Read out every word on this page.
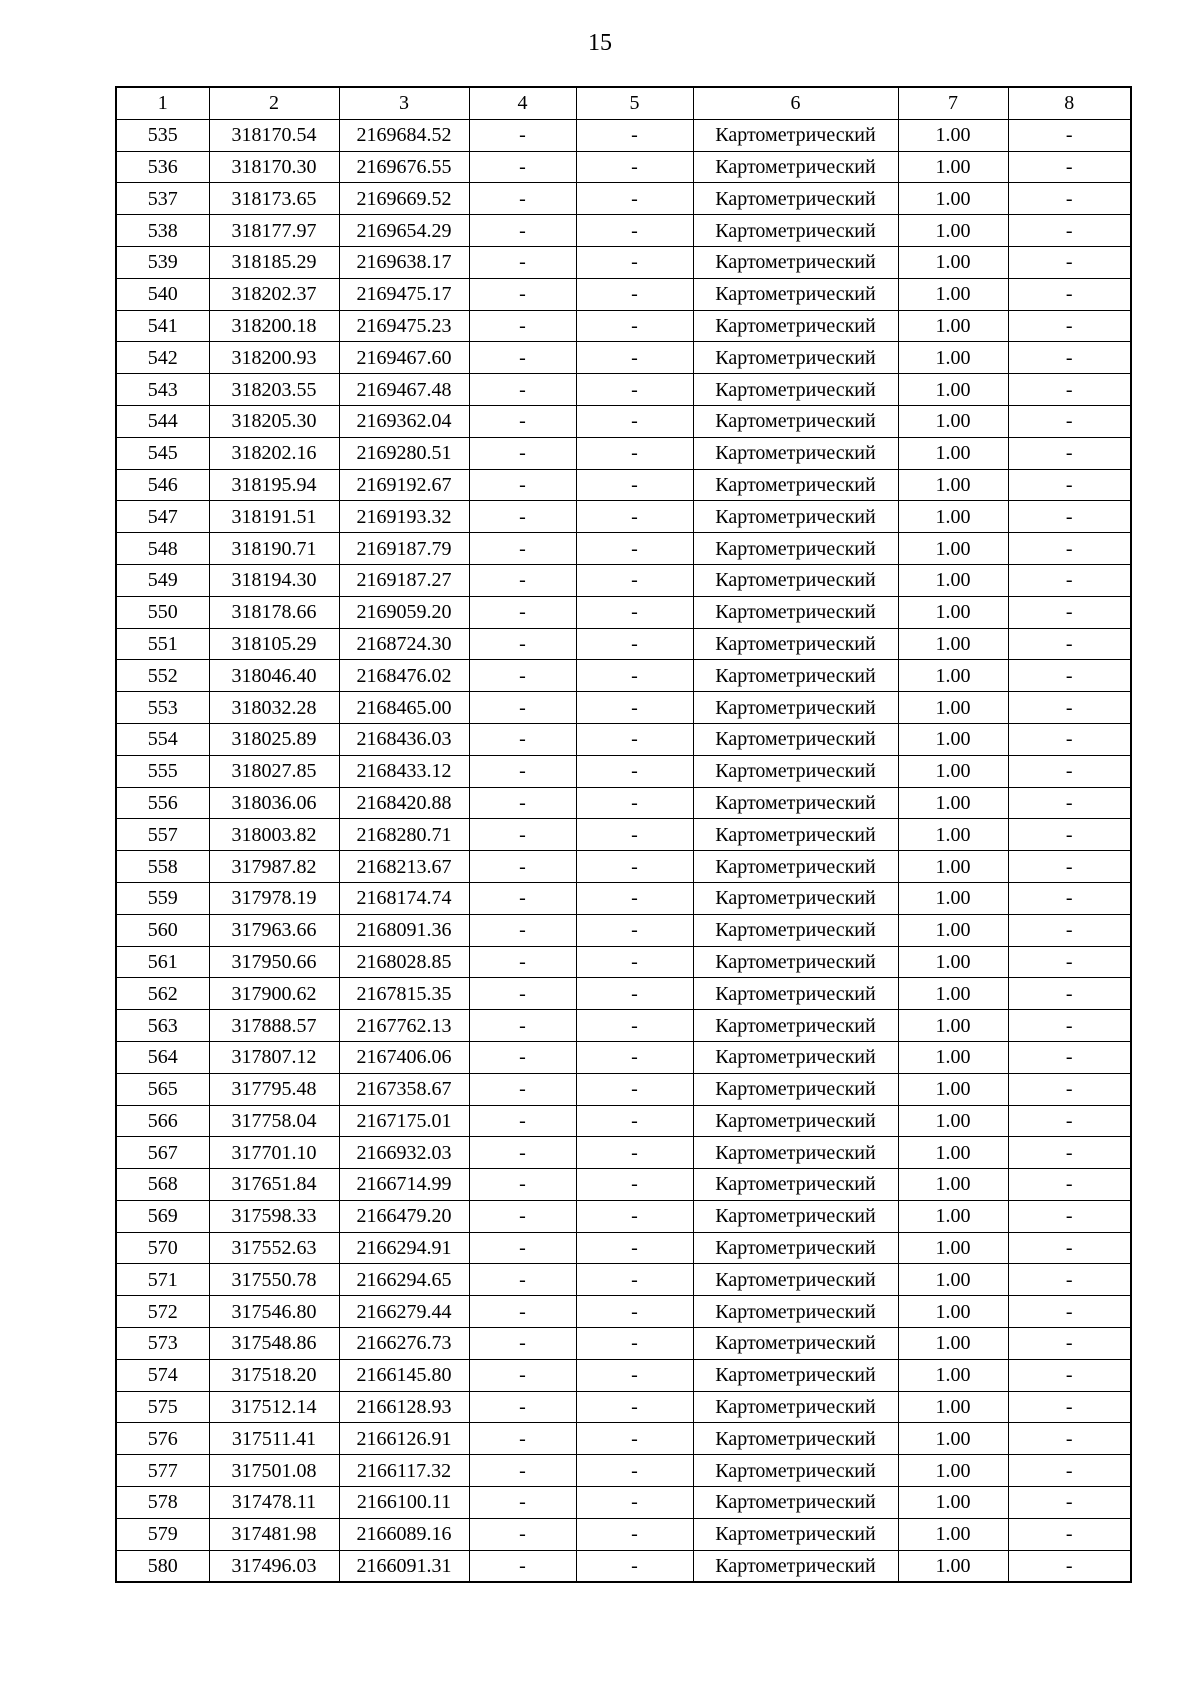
15
1	2	3	4	5	6	7	8
535	318170.54	2169684.52	-	-	Картометрический	1.00	-
536	318170.30	2169676.55	-	-	Картометрический	1.00	-
537	318173.65	2169669.52	-	-	Картометрический	1.00	-
538	318177.97	2169654.29	-	-	Картометрический	1.00	-
539	318185.29	2169638.17	-	-	Картометрический	1.00	-
540	318202.37	2169475.17	-	-	Картометрический	1.00	-
541	318200.18	2169475.23	-	-	Картометрический	1.00	-
542	318200.93	2169467.60	-	-	Картометрический	1.00	-
543	318203.55	2169467.48	-	-	Картометрический	1.00	-
544	318205.30	2169362.04	-	-	Картометрический	1.00	-
545	318202.16	2169280.51	-	-	Картометрический	1.00	-
546	318195.94	2169192.67	-	-	Картометрический	1.00	-
547	318191.51	2169193.32	-	-	Картометрический	1.00	-
548	318190.71	2169187.79	-	-	Картометрический	1.00	-
549	318194.30	2169187.27	-	-	Картометрический	1.00	-
550	318178.66	2169059.20	-	-	Картометрический	1.00	-
551	318105.29	2168724.30	-	-	Картометрический	1.00	-
552	318046.40	2168476.02	-	-	Картометрический	1.00	-
553	318032.28	2168465.00	-	-	Картометрический	1.00	-
554	318025.89	2168436.03	-	-	Картометрический	1.00	-
555	318027.85	2168433.12	-	-	Картометрический	1.00	-
556	318036.06	2168420.88	-	-	Картометрический	1.00	-
557	318003.82	2168280.71	-	-	Картометрический	1.00	-
558	317987.82	2168213.67	-	-	Картометрический	1.00	-
559	317978.19	2168174.74	-	-	Картометрический	1.00	-
560	317963.66	2168091.36	-	-	Картометрический	1.00	-
561	317950.66	2168028.85	-	-	Картометрический	1.00	-
562	317900.62	2167815.35	-	-	Картометрический	1.00	-
563	317888.57	2167762.13	-	-	Картометрический	1.00	-
564	317807.12	2167406.06	-	-	Картометрический	1.00	-
565	317795.48	2167358.67	-	-	Картометрический	1.00	-
566	317758.04	2167175.01	-	-	Картометрический	1.00	-
567	317701.10	2166932.03	-	-	Картометрический	1.00	-
568	317651.84	2166714.99	-	-	Картометрический	1.00	-
569	317598.33	2166479.20	-	-	Картометрический	1.00	-
570	317552.63	2166294.91	-	-	Картометрический	1.00	-
571	317550.78	2166294.65	-	-	Картометрический	1.00	-
572	317546.80	2166279.44	-	-	Картометрический	1.00	-
573	317548.86	2166276.73	-	-	Картометрический	1.00	-
574	317518.20	2166145.80	-	-	Картометрический	1.00	-
575	317512.14	2166128.93	-	-	Картометрический	1.00	-
576	317511.41	2166126.91	-	-	Картометрический	1.00	-
577	317501.08	2166117.32	-	-	Картометрический	1.00	-
578	317478.11	2166100.11	-	-	Картометрический	1.00	-
579	317481.98	2166089.16	-	-	Картометрический	1.00	-
580	317496.03	2166091.31	-	-	Картометрический	1.00	-
